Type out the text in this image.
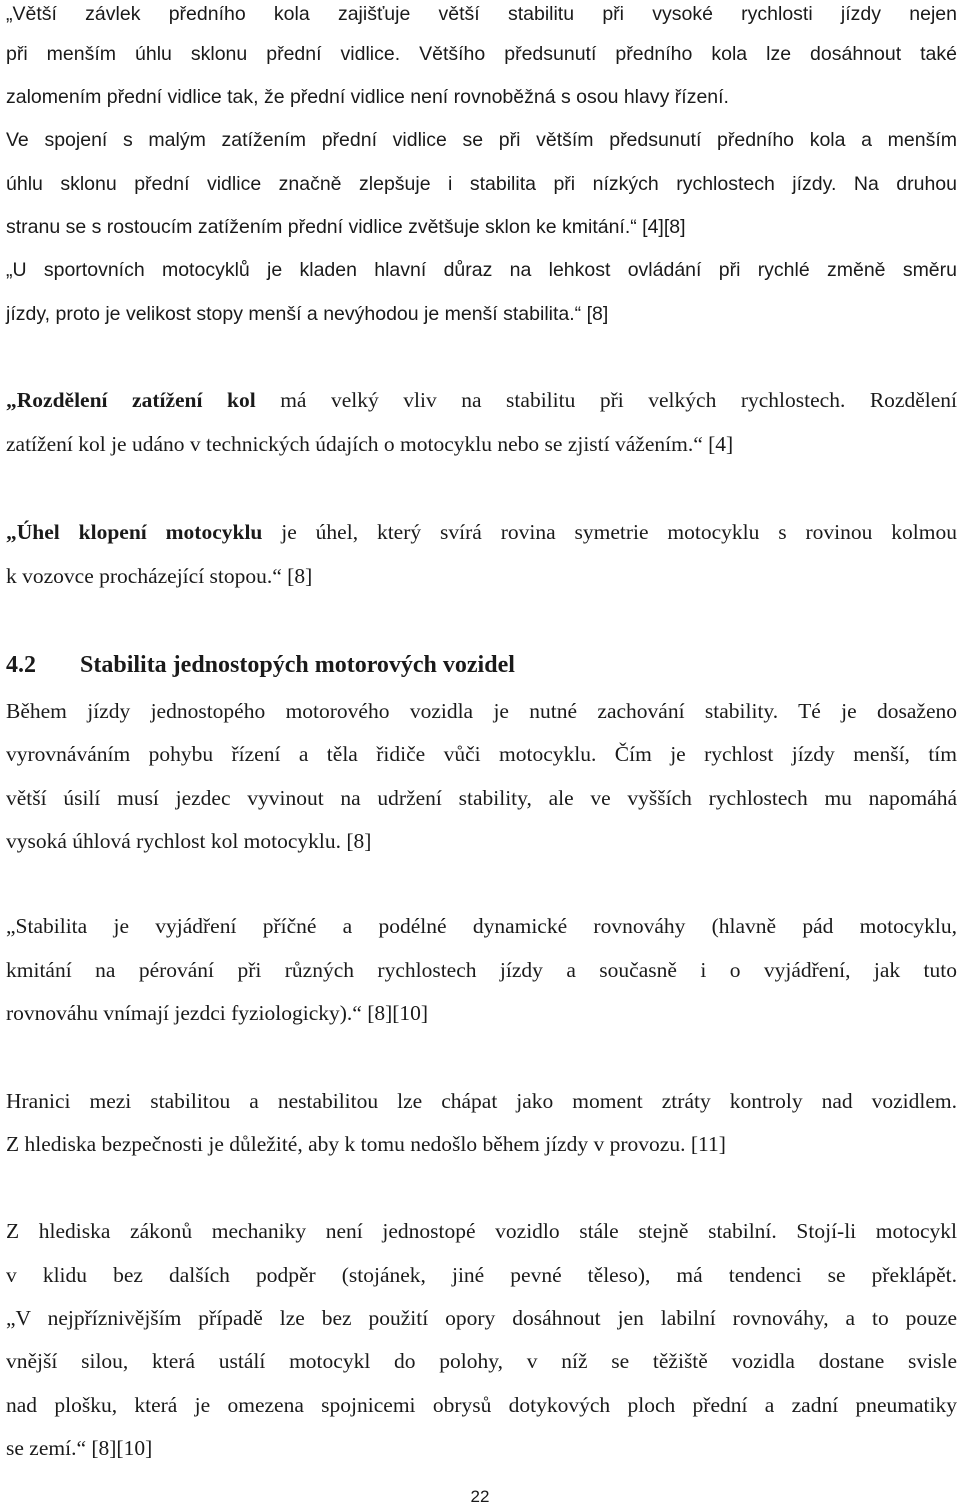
„Větší závlek předního kola zajišťuje větší stabilitu při vysoké rychlosti jízdy nejen

při menším úhlu sklonu přední vidlice. Většího předsunutí předního kola lze dosáhnout také

zalomením přední vidlice tak, že přední vidlice není rovnoběžná s osou hlavy řízení.

Ve spojení s malým zatížením přední vidlice se při větším předsunutí předního kola a menším

úhlu sklonu přední vidlice značně zlepšuje i stabilita při nízkých rychlostech jízdy. Na druhou

stranu se s rostoucím zatížením přední vidlice zvětšuje sklon ke kmitání.“ [4][8]

„U sportovních motocyklů je kladen hlavní důraz na lehkost ovládání při rychlé změně směru

jízdy, proto je velikost stopy menší a nevýhodou je menší stabilita.“ [8]

„Rozdělení zatížení kol má velký vliv na stabilitu při velkých rychlostech. Rozdělení

zatížení kol je udáno v technických údajích o motocyklu nebo se zjistí vážením.“ [4]

„Úhel klopení motocyklu je úhel, který svírá rovina symetrie motocyklu s rovinou kolmou

k vozovce procházející stopou.“ [8]

4.2 Stabilita jednostopých motorových vozidel

Během jízdy jednostopého motorového vozidla je nutné zachování stability. Té je dosaženo

vyrovnáváním pohybu řízení a těla řidiče vůči motocyklu. Čím je rychlost jízdy menší, tím

větší úsilí musí jezdec vyvinout na udržení stability, ale ve vyšších rychlostech mu napomáhá

vysoká úhlová rychlost kol motocyklu. [8]

„Stabilita je vyjádření příčné a podélné dynamické rovnováhy (hlavně pád motocyklu,

kmitání na pérování při různých rychlostech jízdy a současně i o vyjádření, jak tuto

rovnováhu vnímají jezdci fyziologicky).“ [8][10]

Hranici mezi stabilitou a nestabilitou lze chápat jako moment ztráty kontroly nad vozidlem.

Z hlediska bezpečnosti je důležité, aby k tomu nedošlo během jízdy v provozu. [11]

Z hlediska zákonů mechaniky není jednostopé vozidlo stále stejně stabilní. Stojí-li motocykl

v klidu bez dalších podpěr (stojánek, jiné pevné těleso), má tendenci se překlápět.

„V nejpříznivějším případě lze bez použití opory dosáhnout jen labilní rovnováhy, a to pouze

vnější silou, která ustálí motocykl do polohy, v níž se těžiště vozidla dostane svisle

nad plošku, která je omezena spojnicemi obrysů dotykových ploch přední a zadní pneumatiky

se zemí.“ [8][10]

22
